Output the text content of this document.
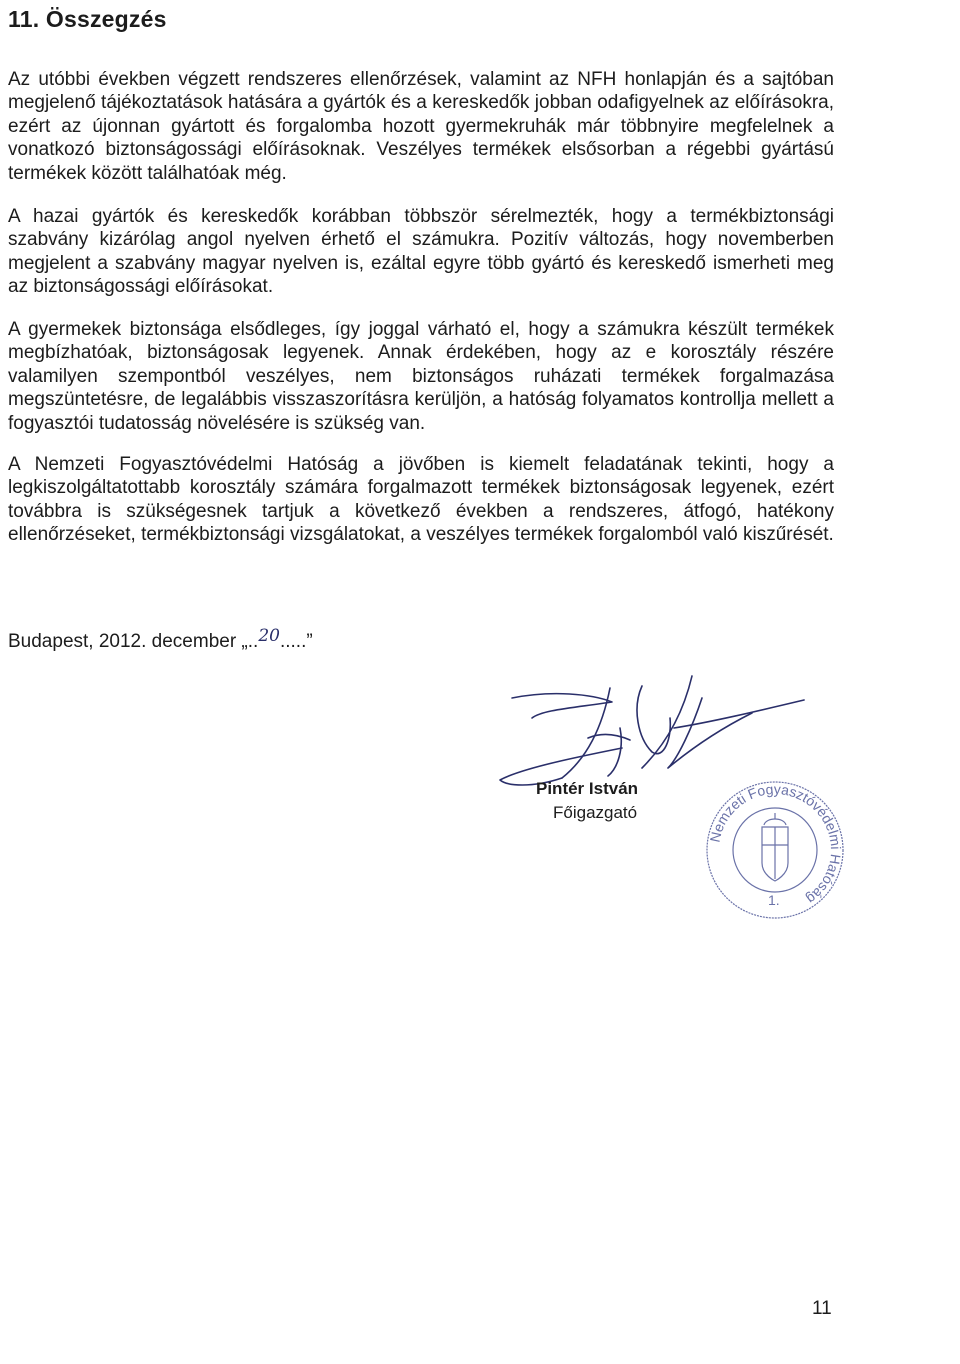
11. Összegzés

Az utóbbi években végzett rendszeres ellenőrzések, valamint az NFH honlapján és a sajtóban megjelenő tájékoztatások hatására a gyártók és a kereskedők jobban odafigyelnek az előírásokra, ezért az újonnan gyártott és forgalomba hozott gyermekruhák már többnyire megfelelnek a vonatkozó biztonságossági előírásoknak. Veszélyes termékek elsősorban a régebbi gyártású termékek között találhatóak még.

A hazai gyártók és kereskedők korábban többször sérelmezték, hogy a termékbiztonsági szabvány kizárólag angol nyelven érhető el számukra. Pozitív változás, hogy novemberben megjelent a szabvány magyar nyelven is, ezáltal egyre több gyártó és kereskedő ismerheti meg az biztonságossági előírásokat.

A gyermekek biztonsága elsődleges, így joggal várható el, hogy a számukra készült termékek megbízhatóak, biztonságosak legyenek. Annak érdekében, hogy az e korosztály részére valamilyen szempontból veszélyes, nem biztonságos ruházati termékek forgalmazása megszüntetésre, de legalábbis visszaszorításra kerüljön, a hatóság folyamatos kontrollja mellett a fogyasztói tudatosság növelésére is szükség van.

A Nemzeti Fogyasztóvédelmi Hatóság a jövőben is kiemelt feladatának tekinti, hogy a legkiszolgáltatottabb korosztály számára forgalmazott termékek biztonságosak legyenek, ezért továbbra is szükségesnek tartjuk a következő években a rendszeres, átfogó, hatékony ellenőrzéseket, termékbiztonsági vizsgálatokat, a veszélyes termékek forgalomból való kiszűrését.

Budapest, 2012. december „..20.....”
Pintér István
Főigazgató
Nemzeti Fogyasztóvédelmi Hatóság
1.
11
